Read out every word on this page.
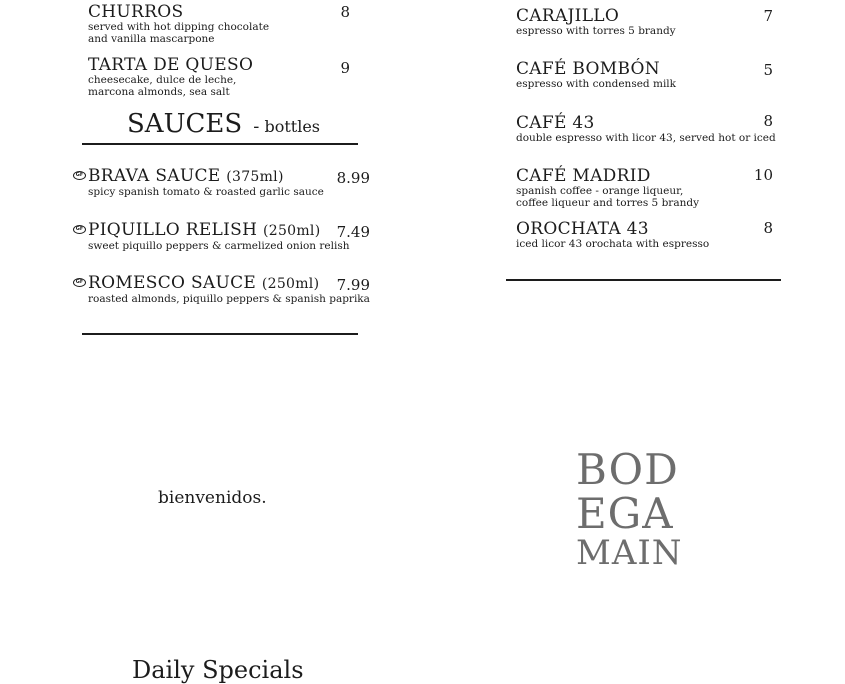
CHURROS
served with hot dipping chocolate
and vanilla mascarpone
8
TARTA DE QUESO
cheesecake, dulce de leche,
marcona almonds, sea salt
9
SAUCES - bottles
GF BRAVA SAUCE (375ml)
spicy spanish tomato & roasted garlic sauce
8.99
GF PIQUILLO RELISH (250ml)
sweet piquillo peppers & carmelized onion relish
7.49
GF ROMESCO SAUCE (250ml)
roasted almonds, piquillo peppers & spanish paprika
7.99
CARAJILLO
espresso with torres 5 brandy
7
CAFÉ BOMBÓN
espresso with condensed milk
5
CAFÉ 43
double espresso with licor 43, served hot or iced
8
CAFÉ MADRID
spanish coffee - orange liqueur,
coffee liqueur and torres 5 brandy
10
OROCHATA 43
iced licor 43 orochata with espresso
8
bienvenidos.
BOD
EGA
MAIN
Daily Specials
